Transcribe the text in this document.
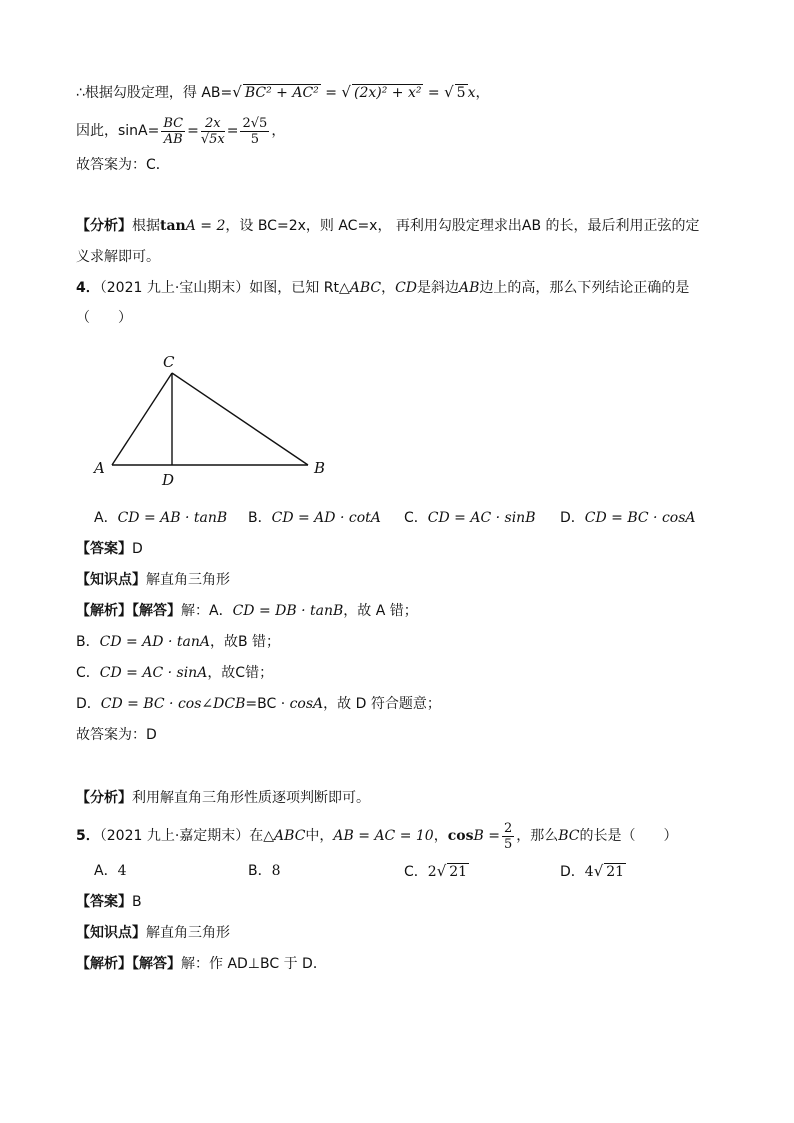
∴根据勾股定理，得 AB=√ BC² + AC² = √ (2x)² + x² = √ 5 x，
因此，$\sin A= \frac{BC}{AB} = \frac{2x}{√5x} = \frac{2√5}{5}$ ，
故答案为：C．
【分析】根据tanA = 2，设 BC=2x，则 AC=x， 再利用勾股定理求出AB 的长，最后利用正弦的定
义求解即可。
4．（2021 九上·宝山期末）如图，已知 Rt△ABC，CD是斜边AB边上的高，那么下列结论正确的是
（　　）
C
A	B
D
A．CD = AB · tanB B．CD = AD · cotA C．CD = AC · sinB D．CD = BC · cosA
【答案】D
【知识点】解直角三角形
【解析】【解答】解：A．CD = DB · tanB，故 A 错；
B．CD = AD · tanA，故B 错；
C．CD = AC · sinA，故C错；
D．CD = BC · cos∠DCB=BC · cosA，故 D 符合题意；
故答案为：D
【分析】利用解直角三角形性质逐项判断即可。
5．（2021 九上·嘉定期末）在△ABC中，AB = AC = 10，$\cos B = \frac{2}{5}$ ，那么BC的长是（　　）
A．4	B．8	C．2√ 21	D．4√ 21
【答案】B
【知识点】解直角三角形
【解析】【解答】解：作 AD⊥BC 于 D．
